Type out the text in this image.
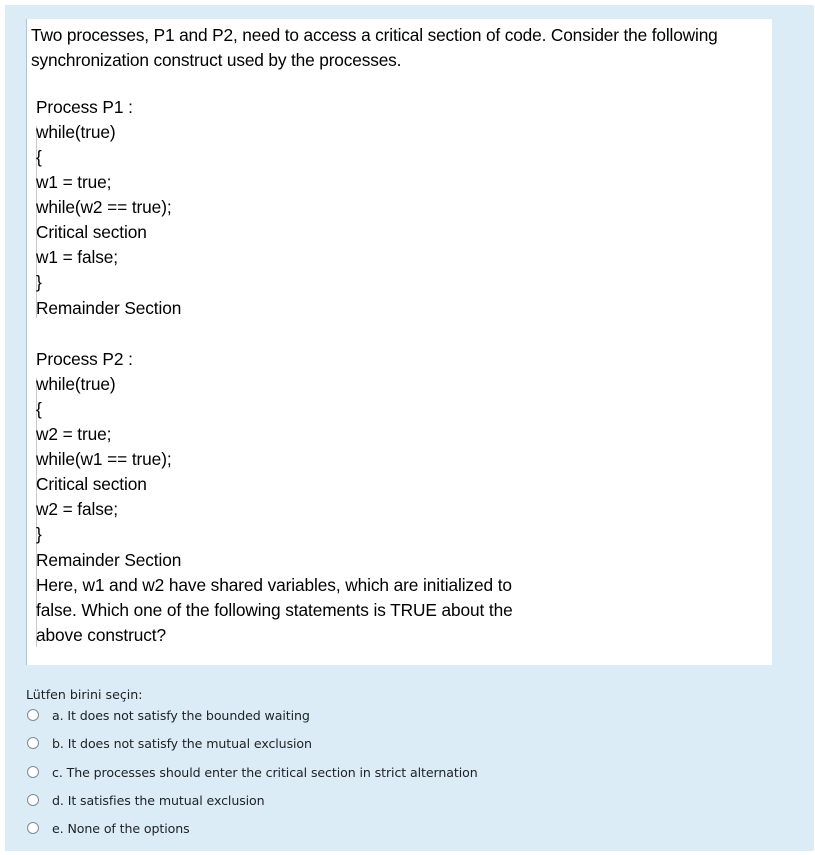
Two processes, P1 and P2, need to access a critical section of code. Consider the following
synchronization construct used by the processes.
Process P1 :
while(true)
{
w1 = true;
while(w2 == true);
Critical section
w1 = false;
}
Remainder Section
Process P2 :
while(true)
{
w2 = true;
while(w1 == true);
Critical section
w2 = false;
}
Remainder Section
Here, w1 and w2 have shared variables, which are initialized to
false. Which one of the following statements is TRUE about the
above construct?
Lütfen birini seçin:
a. It does not satisfy the bounded waiting
b. It does not satisfy the mutual exclusion
c. The processes should enter the critical section in strict alternation
d. It satisfies the mutual exclusion
e. None of the options
